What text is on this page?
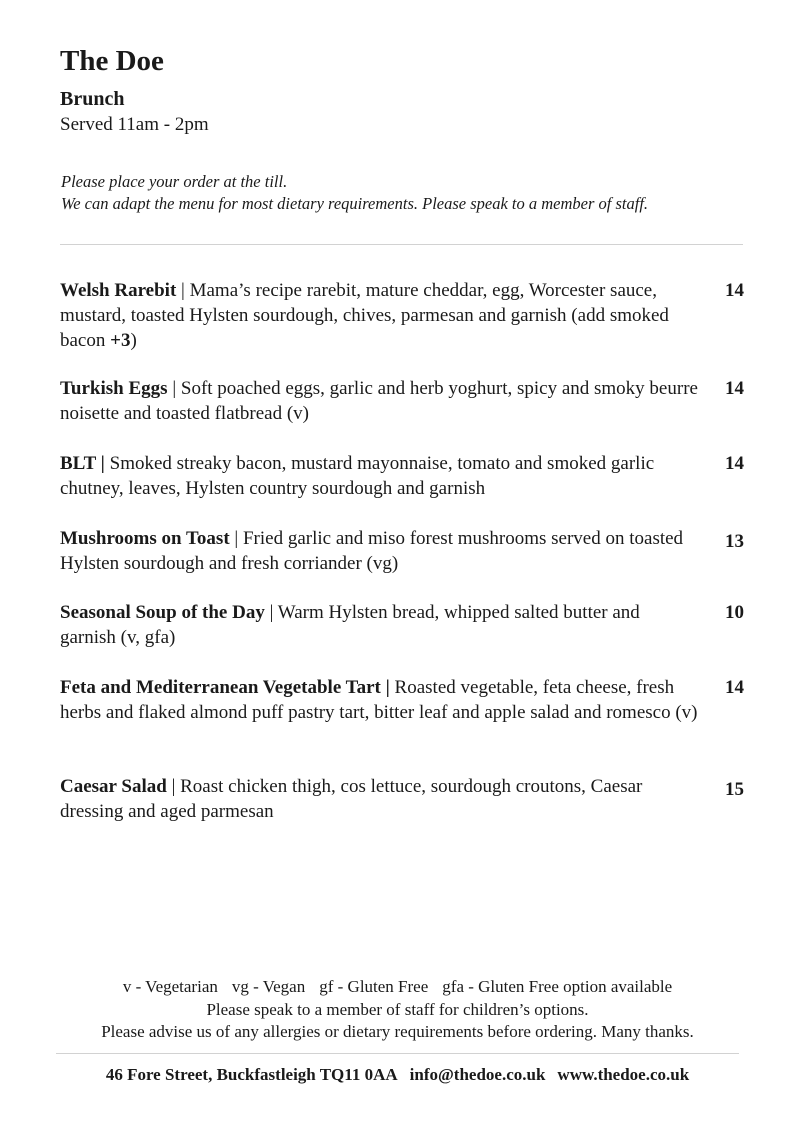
The Doe
Brunch
Served 11am - 2pm
Please place your order at the till.
We can adapt the menu for most dietary requirements. Please speak to a member of staff.
Welsh Rarebit | Mama’s recipe rarebit, mature cheddar, egg, Worcester sauce, mustard, toasted Hylsten sourdough, chives, parmesan and garnish (add smoked bacon +3)
14
Turkish Eggs | Soft poached eggs, garlic and herb yoghurt, spicy and smoky beurre noisette and toasted flatbread (v)
14
BLT | Smoked streaky bacon, mustard mayonnaise, tomato and smoked garlic chutney, leaves, Hylsten country sourdough and garnish
14
Mushrooms on Toast | Fried garlic and miso forest mushrooms served on toasted Hylsten sourdough and fresh corriander (vg)
13
Seasonal Soup of the Day | Warm Hylsten bread, whipped salted butter and garnish (v, gfa)
10
Feta and Mediterranean Vegetable Tart | Roasted vegetable, feta cheese, fresh herbs and flaked almond puff pastry tart, bitter leaf and apple salad and romesco (v)
14
Caesar Salad | Roast chicken thigh, cos lettuce, sourdough croutons, Caesar dressing and aged parmesan
15
v - Vegetarian vg - Vegan gf - Gluten Free gfa - Gluten Free option available
Please speak to a member of staff for children’s options.
Please advise us of any allergies or dietary requirements before ordering. Many thanks.
46 Fore Street, Buckfastleigh TQ11 0AA info@thedoe.co.uk www.thedoe.co.uk
